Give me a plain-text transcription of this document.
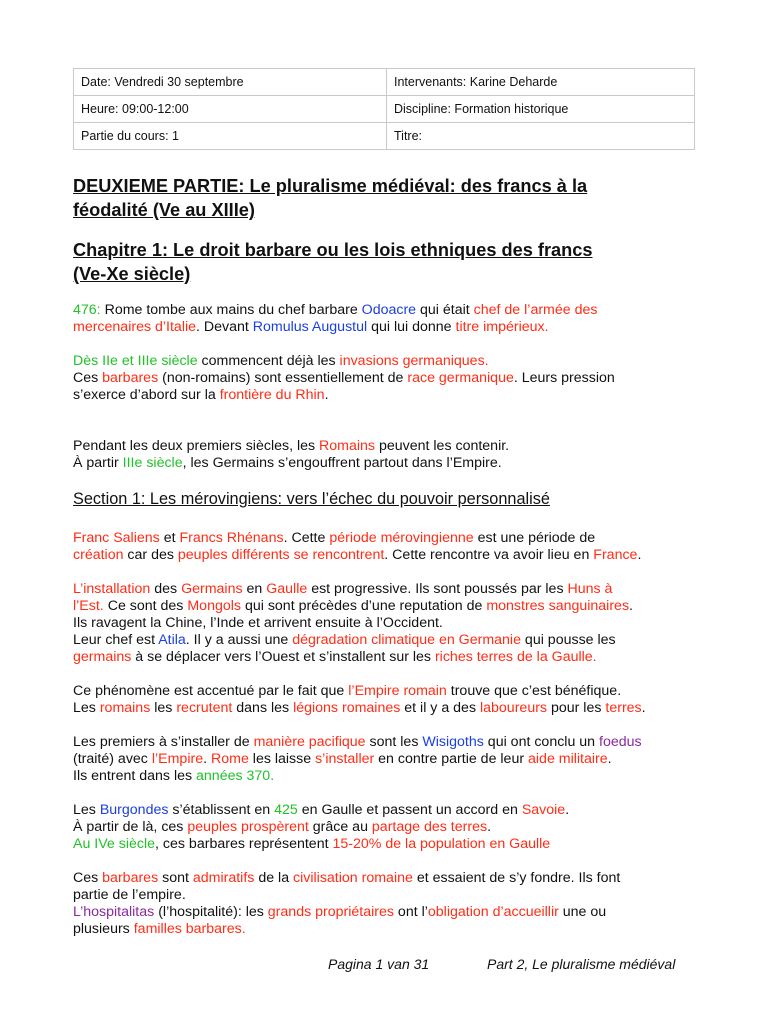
Date: Vendredi 30 septembre	Intervenants: Karine Deharde
Heure: 09:00-12:00	Discipline: Formation historique
Partie du cours: 1	Titre:
DEUXIEME PARTIE: Le pluralisme médiéval: des francs à la
féodalité (Ve au XIIIe)
Chapitre 1: Le droit barbare ou les lois ethniques des francs
(Ve-Xe siècle)

476: Rome tombe aux mains du chef barbare Odoacre qui était chef de l’armée des
mercenaires d’Italie. Devant Romulus Augustul qui lui donne titre impérieux.

Dès IIe et IIIe siècle commencent déjà les invasions germaniques.
Ces barbares (non-romains) sont essentiellement de race germanique. Leurs pression
s’exerce d’abord sur la frontière du Rhin.

Pendant les deux premiers siècles, les Romains peuvent les contenir.
À partir IIIe siècle, les Germains s’engouffrent partout dans l’Empire.

Section 1: Les mérovingiens: vers l’échec du pouvoir personnalisé

Franc Saliens et Francs Rhénans. Cette période mérovingienne est une période de
création car des peuples différents se rencontrent. Cette rencontre va avoir lieu en France.

L’installation des Germains en Gaulle est progressive. Ils sont poussés par les Huns à
l’Est. Ce sont des Mongols qui sont précèdes d’une reputation de monstres sanguinaires.
Ils ravagent la Chine, l’Inde et arrivent ensuite à l’Occident.
Leur chef est Atila. Il y a aussi une dégradation climatique en Germanie qui pousse les
germains à se déplacer vers l’Ouest et s’installent sur les riches terres de la Gaulle.

Ce phénomène est accentué par le fait que l’Empire romain trouve que c’est bénéfique.
Les romains les recrutent dans les légions romaines et il y a des laboureurs pour les terres.

Les premiers à s’installer de manière pacifique sont les Wisigoths qui ont conclu un foedus
(traité) avec l’Empire. Rome les laisse s’installer en contre partie de leur aide militaire.
Ils entrent dans les années 370.

Les Burgondes s’établissent en 425 en Gaulle et passent un accord en Savoie.
À partir de là, ces peuples prospèrent grâce au partage des terres.
Au IVe siècle, ces barbares représentent 15-20% de la population en Gaulle

Ces barbares sont admiratifs de la civilisation romaine et essaient de s’y fondre. Ils font
partie de l’empire.
L’hospitalitas (l’hospitalité): les grands propriétaires ont l’obligation d’accueillir une ou
plusieurs familles barbares.

Pagina 1 van 31	Part 2, Le pluralisme médiéval
